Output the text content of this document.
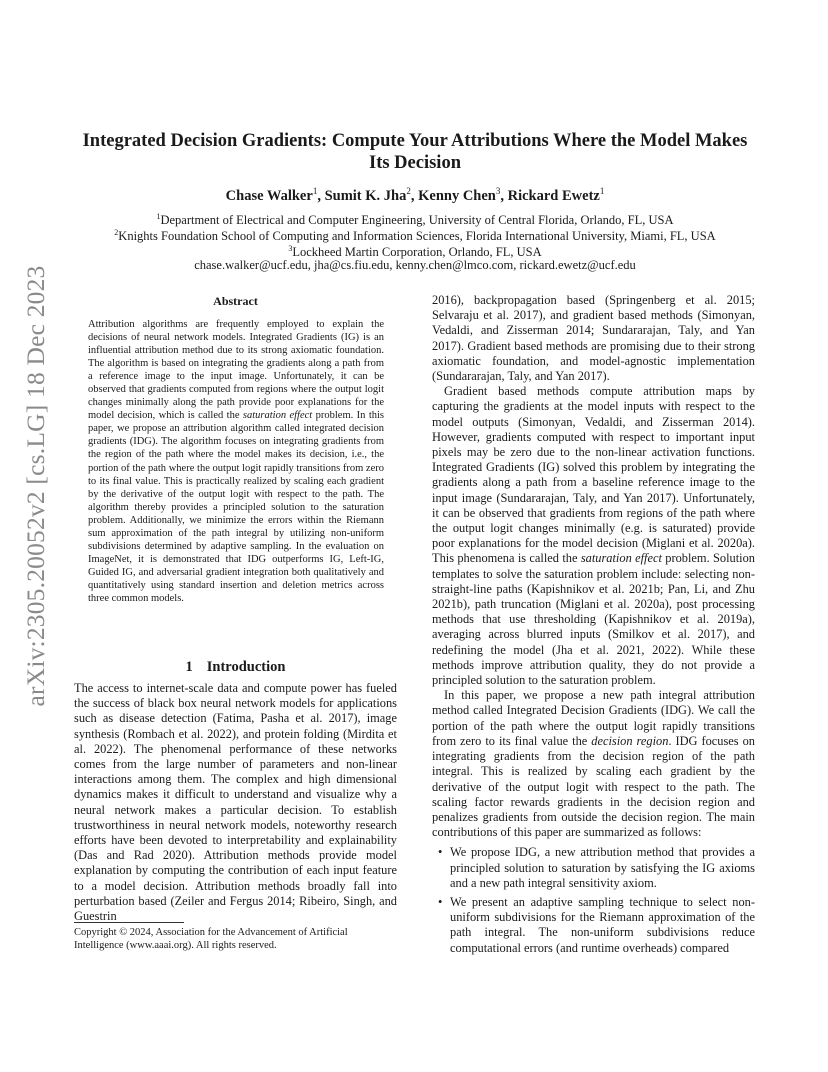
arXiv:2305.20052v2 [cs.LG] 18 Dec 2023
Integrated Decision Gradients: Compute Your Attributions Where the Model Makes Its Decision
Chase Walker$^1$, Sumit K. Jha$^2$, Kenny Chen$^3$, Rickard Ewetz$^1$
$^1$Department of Electrical and Computer Engineering, University of Central Florida, Orlando, FL, USA
$^2$Knights Foundation School of Computing and Information Sciences, Florida International University, Miami, FL, USA
$^3$Lockheed Martin Corporation, Orlando, FL, USA
chase.walker@ucf.edu, jha@cs.fiu.edu, kenny.chen@lmco.com, rickard.ewetz@ucf.edu
Abstract
Attribution algorithms are frequently employed to explain the decisions of neural network models. Integrated Gradients (IG) is an influential attribution method due to its strong axiomatic foundation. The algorithm is based on integrating the gradients along a path from a reference image to the input image. Unfortunately, it can be observed that gradients computed from regions where the output logit changes minimally along the path provide poor explanations for the model decision, which is called the saturation effect problem. In this paper, we propose an attribution algorithm called integrated decision gradients (IDG). The algorithm focuses on integrating gradients from the region of the path where the model makes its decision, i.e., the portion of the path where the output logit rapidly transitions from zero to its final value. This is practically realized by scaling each gradient by the derivative of the output logit with respect to the path. The algorithm thereby provides a principled solution to the saturation problem. Additionally, we minimize the errors within the Riemann sum approximation of the path integral by utilizing non-uniform subdivisions determined by adaptive sampling. In the evaluation on ImageNet, it is demonstrated that IDG outperforms IG, Left-IG, Guided IG, and adversarial gradient integration both qualitatively and quantitatively using standard insertion and deletion metrics across three common models.
1 Introduction
The access to internet-scale data and compute power has fueled the success of black box neural network models for applications such as disease detection (Fatima, Pasha et al. 2017), image synthesis (Rombach et al. 2022), and protein folding (Mirdita et al. 2022). The phenomenal performance of these networks comes from the large number of parameters and non-linear interactions among them. The complex and high dimensional dynamics makes it difficult to understand and visualize why a neural network makes a particular decision. To establish trustworthiness in neural network models, noteworthy research efforts have been devoted to interpretability and explainability (Das and Rad 2020). Attribution methods provide model explanation by computing the contribution of each input feature to a model decision. Attribution methods broadly fall into perturbation based (Zeiler and Fergus 2014; Ribeiro, Singh, and Guestrin
Copyright © 2024, Association for the Advancement of Artificial Intelligence (www.aaai.org). All rights reserved.

2016), backpropagation based (Springenberg et al. 2015; Selvaraju et al. 2017), and gradient based methods (Simonyan, Vedaldi, and Zisserman 2014; Sundararajan, Taly, and Yan 2017). Gradient based methods are promising due to their strong axiomatic foundation, and model-agnostic implementation (Sundararajan, Taly, and Yan 2017).

Gradient based methods compute attribution maps by capturing the gradients at the model inputs with respect to the model outputs (Simonyan, Vedaldi, and Zisserman 2014). However, gradients computed with respect to important input pixels may be zero due to the non-linear activation functions. Integrated Gradients (IG) solved this problem by integrating the gradients along a path from a baseline reference image to the input image (Sundararajan, Taly, and Yan 2017). Unfortunately, it can be observed that gradients from regions of the path where the output logit changes minimally (e.g. is saturated) provide poor explanations for the model decision (Miglani et al. 2020a). This phenomena is called the saturation effect problem. Solution templates to solve the saturation problem include: selecting non-straight-line paths (Kapishnikov et al. 2021b; Pan, Li, and Zhu 2021b), path truncation (Miglani et al. 2020a), post processing methods that use thresholding (Kapishnikov et al. 2019a), averaging across blurred inputs (Smilkov et al. 2017), and redefining the model (Jha et al. 2021, 2022). While these methods improve attribution quality, they do not provide a principled solution to the saturation problem.

In this paper, we propose a new path integral attribution method called Integrated Decision Gradients (IDG). We call the portion of the path where the output logit rapidly transitions from zero to its final value the decision region. IDG focuses on integrating gradients from the decision region of the path integral. This is realized by scaling each gradient by the derivative of the output logit with respect to the path. The scaling factor rewards gradients in the decision region and penalizes gradients from outside the decision region. The main contributions of this paper are summarized as follows:

• We propose IDG, a new attribution method that provides a principled solution to saturation by satisfying the IG axioms and a new path integral sensitivity axiom.
• We present an adaptive sampling technique to select non-uniform subdivisions for the Riemann approximation of the path integral. The non-uniform subdivisions reduce computational errors (and runtime overheads) compared
